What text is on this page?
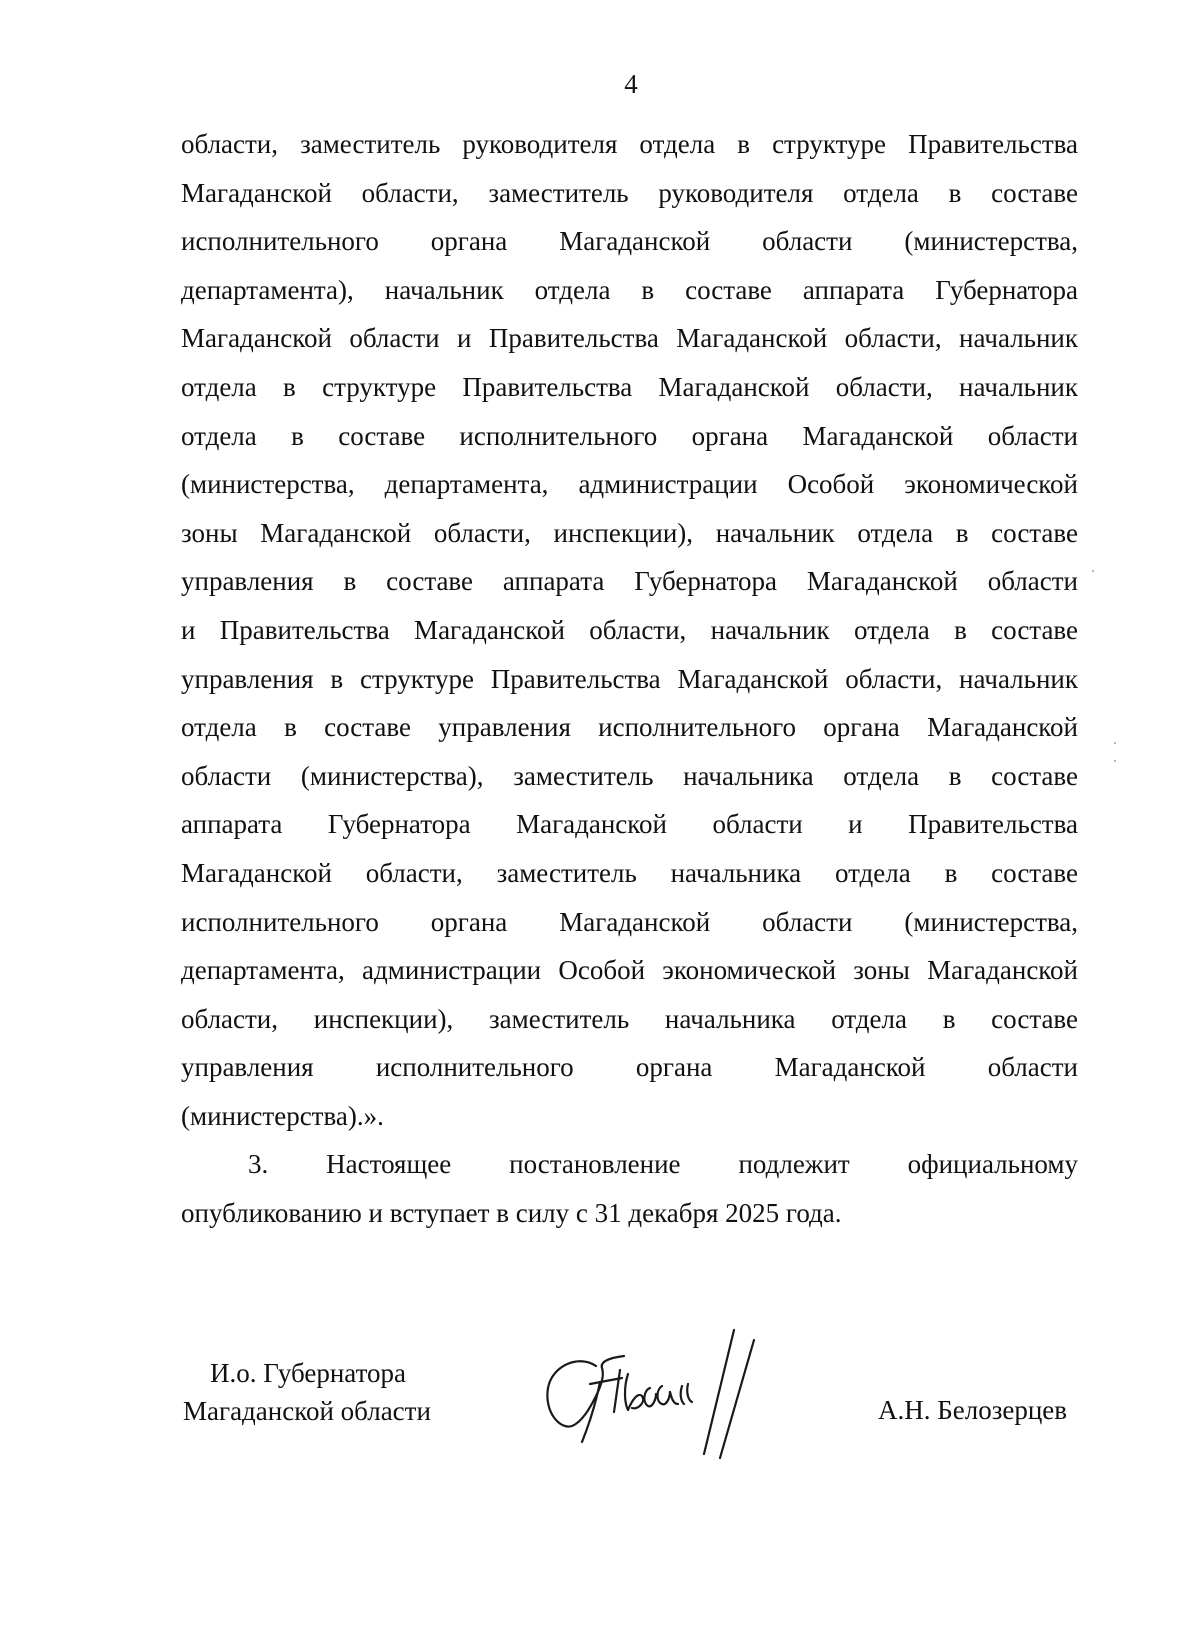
4
области, заместитель руководителя отдела в структуре Правительства
Магаданской области, заместитель руководителя отдела в составе
исполнительного органа Магаданской области (министерства,
департамента), начальник отдела в составе аппарата Губернатора
Магаданской области и Правительства Магаданской области, начальник
отдела в структуре Правительства Магаданской области, начальник
отдела в составе исполнительного органа Магаданской области
(министерства, департамента, администрации Особой экономической
зоны Магаданской области, инспекции), начальник отдела в составе
управления в составе аппарата Губернатора Магаданской области
и Правительства Магаданской области, начальник отдела в составе
управления в структуре Правительства Магаданской области, начальник
отдела в составе управления исполнительного органа Магаданской
области (министерства), заместитель начальника отдела в составе
аппарата Губернатора Магаданской области и Правительства
Магаданской области, заместитель начальника отдела в составе
исполнительного органа Магаданской области (министерства,
департамента, администрации Особой экономической зоны Магаданской
области, инспекции), заместитель начальника отдела в составе
управления исполнительного органа Магаданской области
(министерства).».
3. Настоящее постановление подлежит официальному
опубликованию и вступает в силу с 31 декабря 2025 года.
И.о. Губернатора
Магаданской области	А.Н. Белозерцев
